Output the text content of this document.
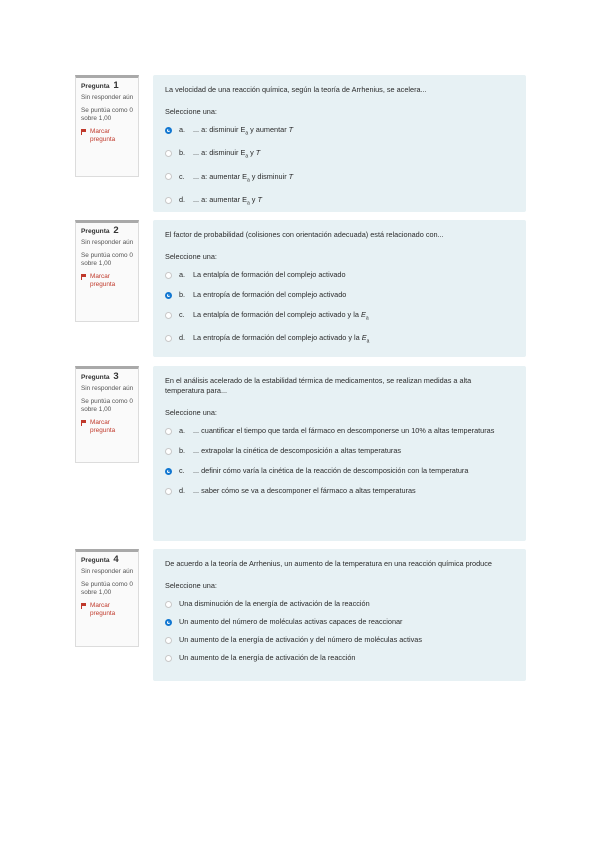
Pregunta 1
Sin responder aún
Se puntúa como 0 sobre 1,00
Marcar pregunta
La velocidad de una reacción química, según la teoría de Arrhenius, se acelera...
Seleccione una:
a.	... a: disminuir $E_a$ y aumentar T
b.	... a: disminuir $E_a$ y T
c.	... a: aumentar $E_a$ y disminuir T
d.	... a: aumentar $E_a$ y T
Pregunta 2
Sin responder aún
Se puntúa como 0 sobre 1,00
Marcar pregunta
El factor de probabilidad (colisiones con orientación adecuada) está relacionado con...
Seleccione una:
a.	La entalpía de formación del complejo activado
b.	La entropía de formación del complejo activado
c.	La entalpía de formación del complejo activado y la $E_a$
d.	La entropía de formación del complejo activado y la $E_a$
Pregunta 3
Sin responder aún
Se puntúa como 0 sobre 1,00
Marcar pregunta
En el análisis acelerado de la estabilidad térmica de medicamentos, se realizan medidas a alta temperatura para...
Seleccione una:
a.	... cuantificar el tiempo que tarda el fármaco en descomponerse un 10% a altas temperaturas
b.	... extrapolar la cinética de descomposición a altas temperaturas
c.	... definir cómo varía la cinética de la reacción de descomposición con la temperatura
d.	... saber cómo se va a descomponer el fármaco a altas temperaturas
Pregunta 4
Sin responder aún
Se puntúa como 0 sobre 1,00
Marcar pregunta
De acuerdo a la teoría de Arrhenius, un aumento de la temperatura en una reacción química produce
Seleccione una:
Una disminución de la energía de activación de la reacción
Un aumento del número de moléculas activas capaces de reaccionar
Un aumento de la energía de activación y del número de moléculas activas
Un aumento de la energía de activación de la reacción
